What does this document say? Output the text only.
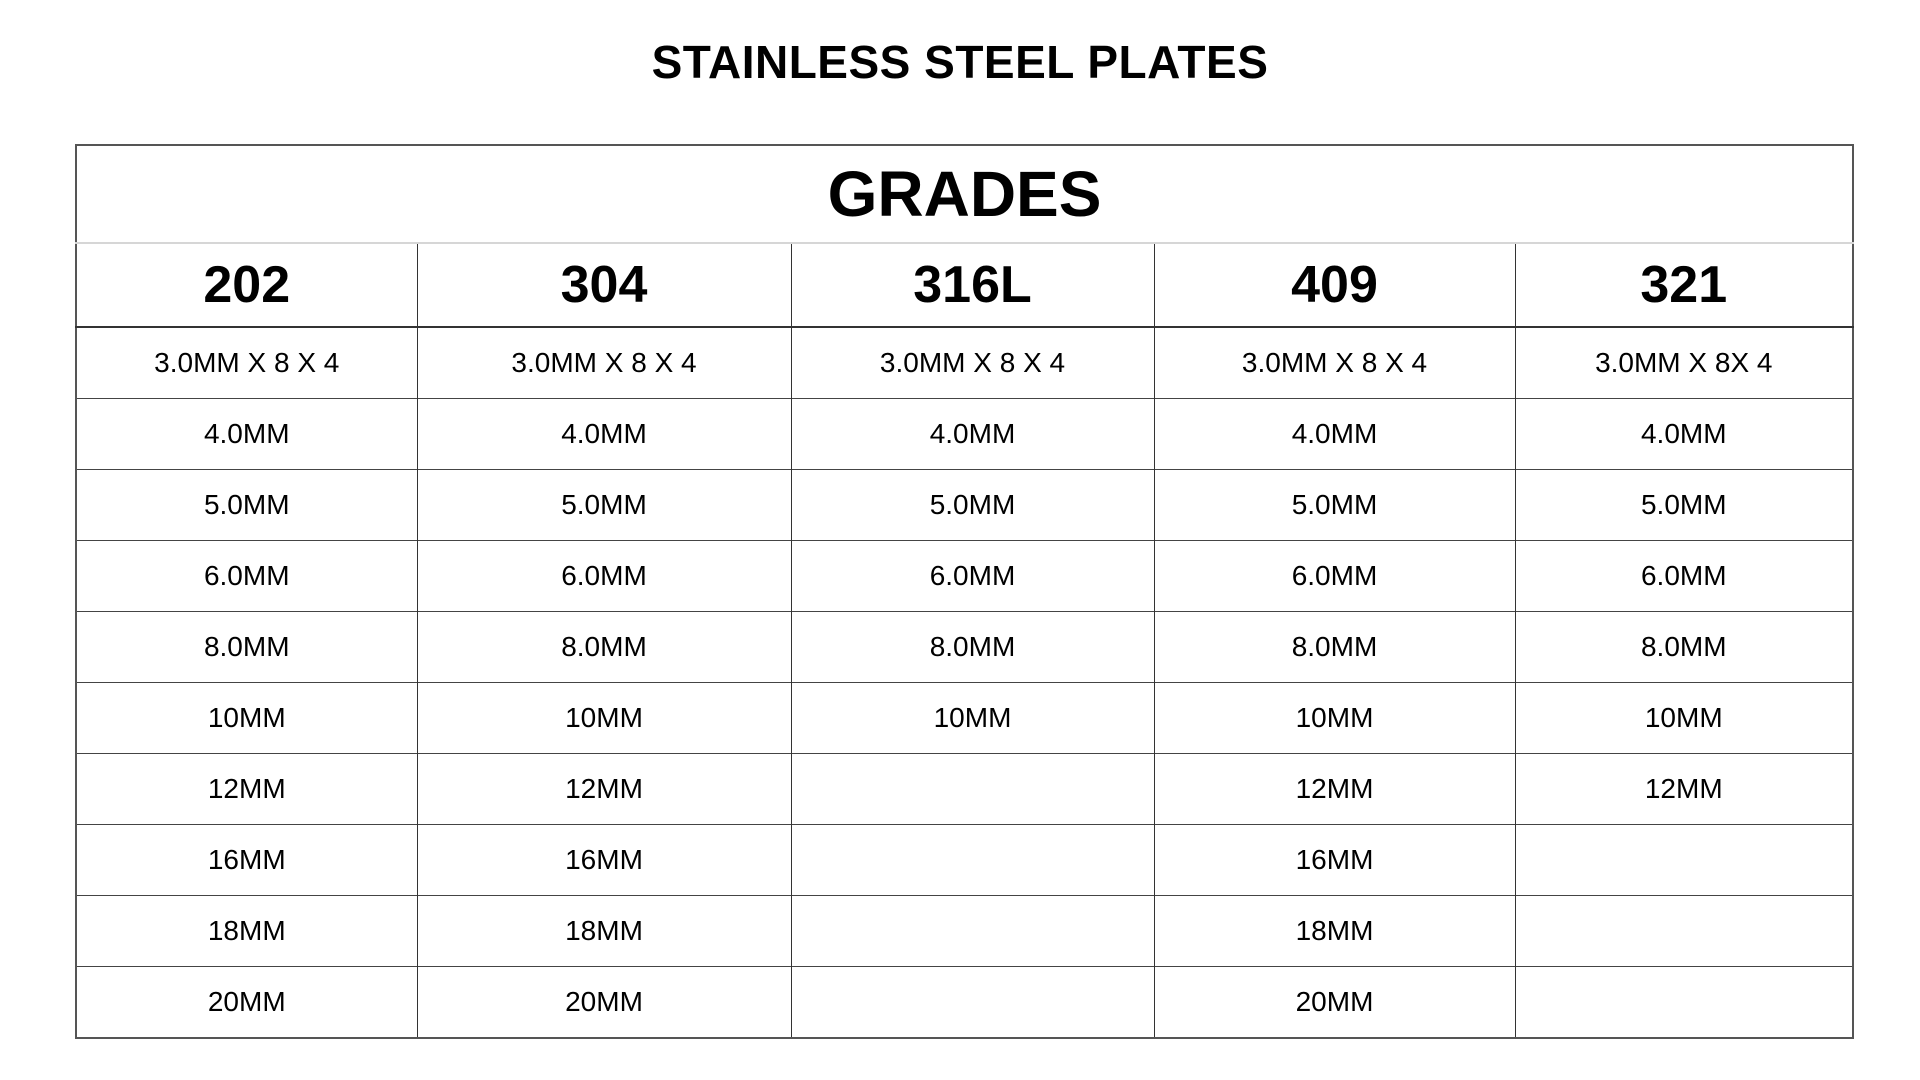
STAINLESS STEEL PLATES
GRADES				
202	304	316L	409	321
3.0MM X 8 X 4	3.0MM X 8 X 4	3.0MM X 8 X 4	3.0MM X 8 X 4	3.0MM X 8X 4
4.0MM	4.0MM	4.0MM	4.0MM	4.0MM
5.0MM	5.0MM	5.0MM	5.0MM	5.0MM
6.0MM	6.0MM	6.0MM	6.0MM	6.0MM
8.0MM	8.0MM	8.0MM	8.0MM	8.0MM
10MM	10MM	10MM	10MM	10MM
12MM	12MM		12MM	12MM
16MM	16MM		16MM	
18MM	18MM		18MM	
20MM	20MM		20MM	
